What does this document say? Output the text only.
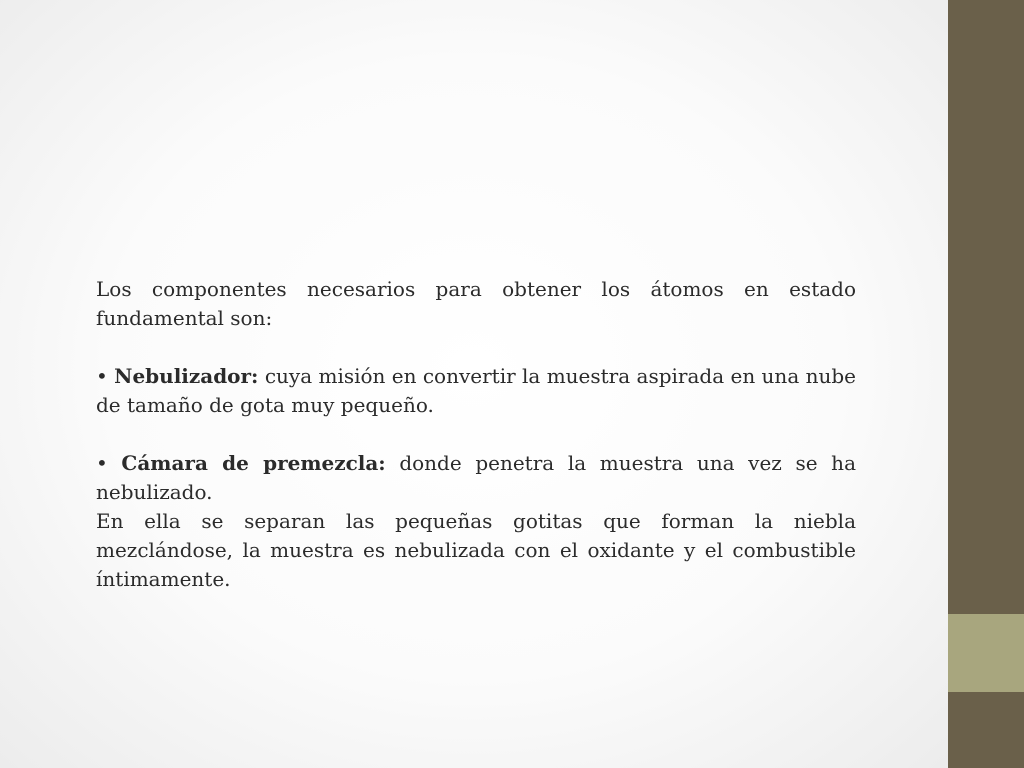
Los componentes necesarios para obtener los átomos en estado fundamental son:

• Nebulizador: cuya misión en convertir la muestra aspirada en una nube de tamaño de gota muy pequeño.

• Cámara de premezcla: donde penetra la muestra una vez se ha nebulizado.

En ella se separan las pequeñas gotitas que forman la niebla mezclándose, la muestra es nebulizada con el oxidante y el combustible íntimamente.
